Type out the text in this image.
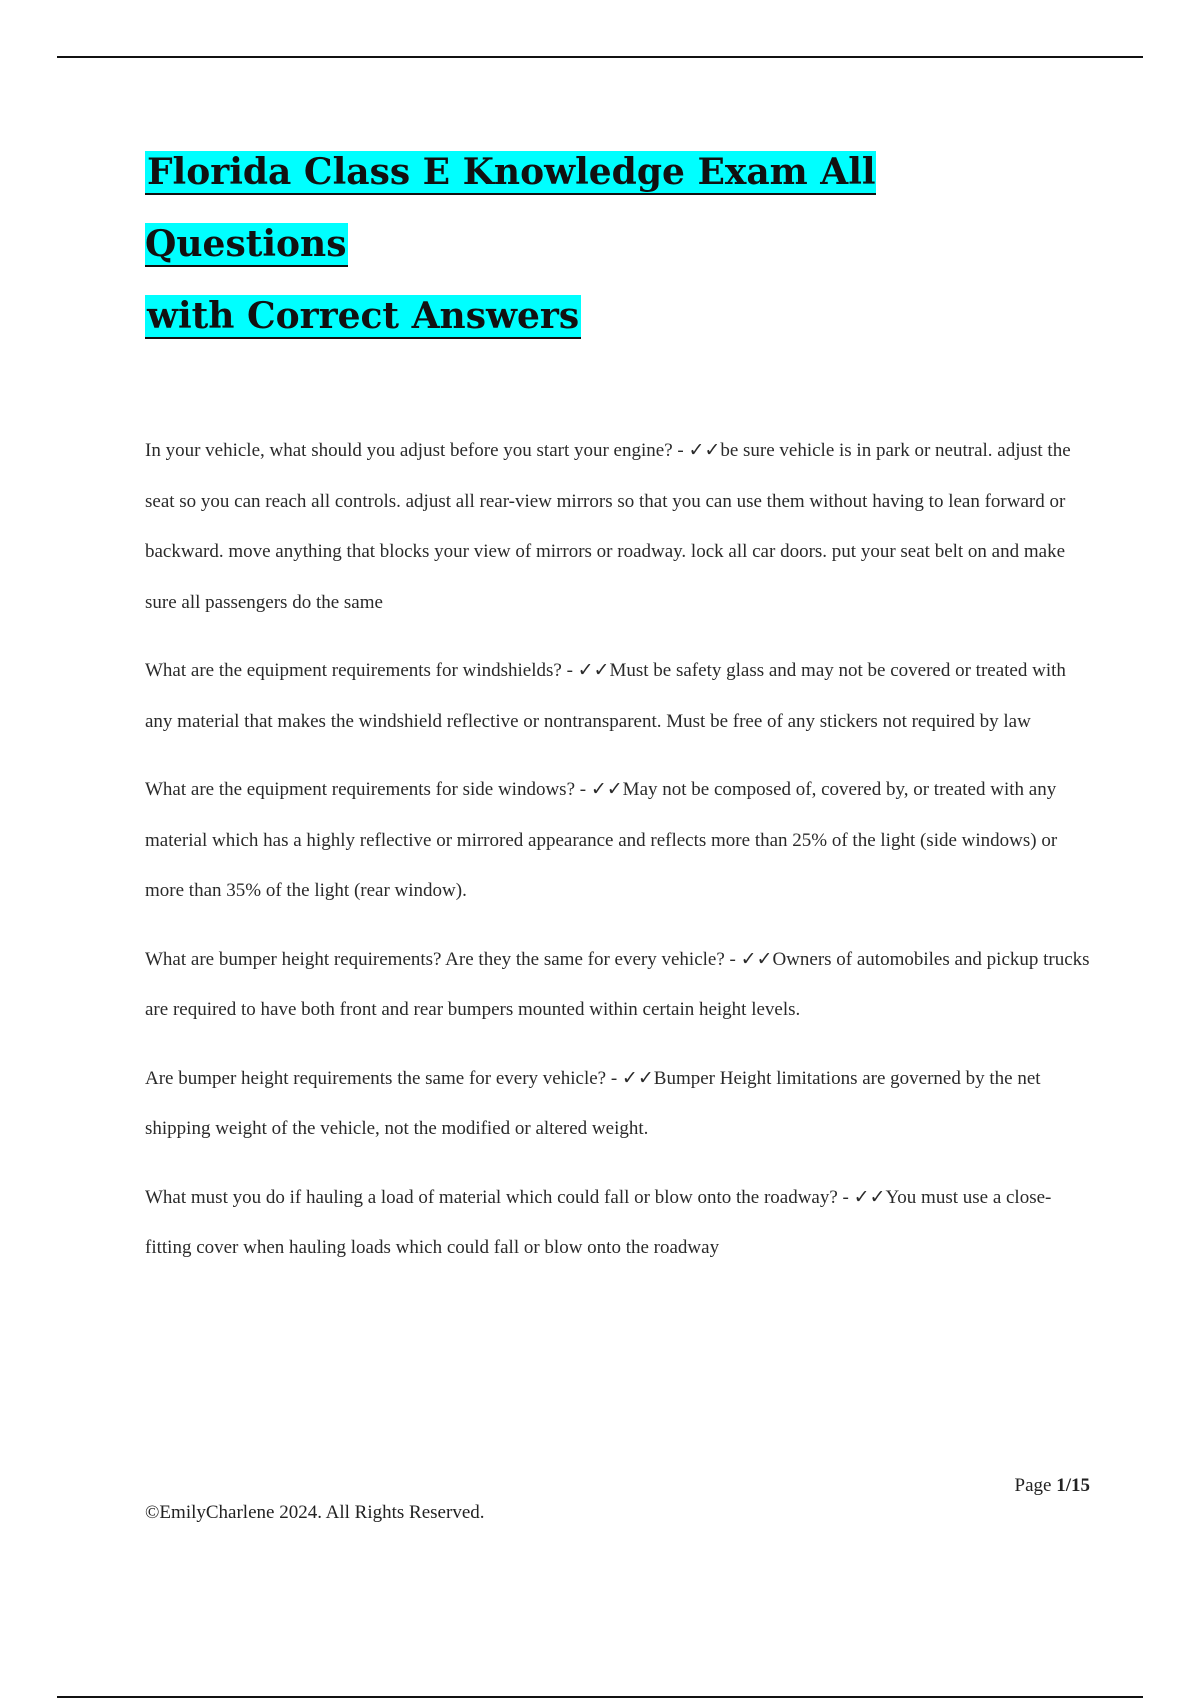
Florida Class E Knowledge Exam All Questions
with Correct Answers

In your vehicle, what should you adjust before you start your engine? - ✓✓be sure vehicle is in park or neutral. adjust the seat so you can reach all controls. adjust all rear-view mirrors so that you can use them without having to lean forward or backward. move anything that blocks your view of mirrors or roadway. lock all car doors. put your seat belt on and make sure all passengers do the same

What are the equipment requirements for windshields? - ✓✓Must be safety glass and may not be covered or treated with any material that makes the windshield reflective or nontransparent. Must be free of any stickers not required by law

What are the equipment requirements for side windows? - ✓✓May not be composed of, covered by, or treated with any material which has a highly reflective or mirrored appearance and reflects more than 25% of the light (side windows) or more than 35% of the light (rear window).

What are bumper height requirements? Are they the same for every vehicle? - ✓✓Owners of automobiles and pickup trucks are required to have both front and rear bumpers mounted within certain height levels.

Are bumper height requirements the same for every vehicle? - ✓✓Bumper Height limitations are governed by the net shipping weight of the vehicle, not the modified or altered weight.

What must you do if hauling a load of material which could fall or blow onto the roadway? - ✓✓You must use a close-fitting cover when hauling loads which could fall or blow onto the roadway

Page 1/15
©EmilyCharlene 2024. All Rights Reserved.
